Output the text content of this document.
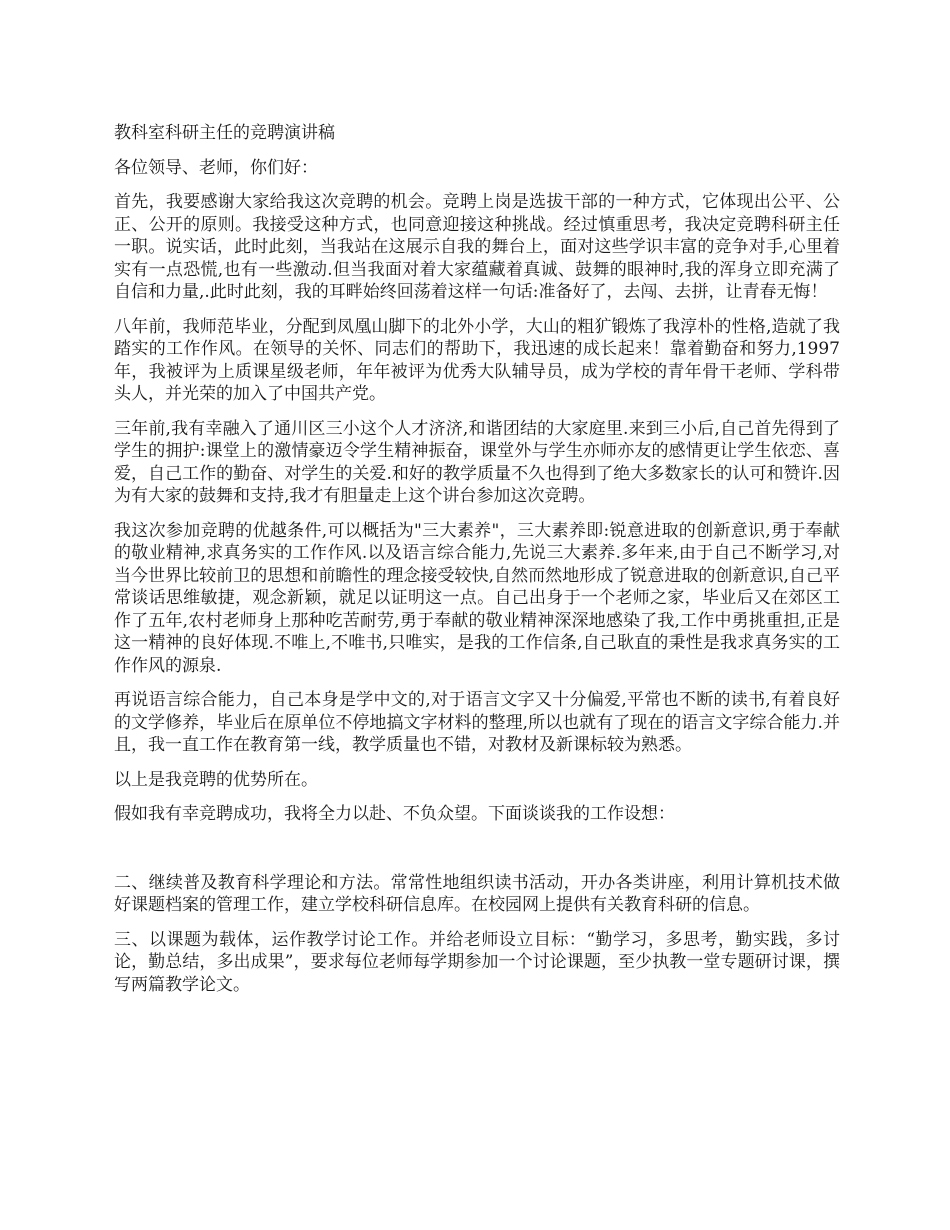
教科室科研主任的竞聘演讲稿

各位领导、老师，你们好：

首先，我要感谢大家给我这次竞聘的机会。竞聘上岗是选拔干部的一种方式，它体现出公平、公正、公开的原则。我接受这种方式，也同意迎接这种挑战。经过慎重思考，我决定竞聘科研主任一职。说实话，此时此刻，当我站在这展示自我的舞台上，面对这些学识丰富的竞争对手,心里着实有一点恐慌,也有一些激动.但当我面对着大家蕴藏着真诚、鼓舞的眼神时,我的浑身立即充满了自信和力量,.此时此刻，我的耳畔始终回荡着这样一句话:准备好了，去闯、去拼，让青春无悔！

八年前，我师范毕业，分配到凤凰山脚下的北外小学，大山的粗犷锻炼了我淳朴的性格,造就了我踏实的工作作风。在领导的关怀、同志们的帮助下，我迅速的成长起来！靠着勤奋和努力,1997 年，我被评为上质课星级老师，年年被评为优秀大队辅导员，成为学校的青年骨干老师、学科带头人，并光荣的加入了中国共产党。

三年前,我有幸融入了通川区三小这个人才济济,和谐团结的大家庭里.来到三小后,自己首先得到了学生的拥护:课堂上的激情豪迈令学生精神振奋，课堂外与学生亦师亦友的感情更让学生依恋、喜爱，自己工作的勤奋、对学生的关爱.和好的教学质量不久也得到了绝大多数家长的认可和赞许.因为有大家的鼓舞和支持,我才有胆量走上这个讲台参加这次竞聘。

我这次参加竞聘的优越条件,可以概括为"三大素养"，三大素养即:锐意进取的创新意识,勇于奉献的敬业精神,求真务实的工作作风.以及语言综合能力,先说三大素养.多年来,由于自己不断学习,对当今世界比较前卫的思想和前瞻性的理念接受较快,自然而然地形成了锐意进取的创新意识,自己平常谈话思维敏捷，观念新颖，就足以证明这一点。自己出身于一个老师之家，毕业后又在郊区工作了五年,农村老师身上那种吃苦耐劳,勇于奉献的敬业精神深深地感染了我,工作中勇挑重担,正是这一精神的良好体现.不唯上,不唯书,只唯实，是我的工作信条,自己耿直的秉性是我求真务实的工作作风的源泉.

再说语言综合能力，自己本身是学中文的,对于语言文字又十分偏爱,平常也不断的读书,有着良好的文学修养，毕业后在原单位不停地搞文字材料的整理,所以也就有了现在的语言文字综合能力.并且，我一直工作在教育第一线，教学质量也不错，对教材及新课标较为熟悉。

以上是我竞聘的优势所在。

假如我有幸竞聘成功，我将全力以赴、不负众望。下面谈谈我的工作设想：

二、继续普及教育科学理论和方法。常常性地组织读书活动，开办各类讲座，利用计算机技术做好课题档案的管理工作，建立学校科研信息库。在校园网上提供有关教育科研的信息。

三、以课题为载体，运作教学讨论工作。并给老师设立目标：“勤学习，多思考，勤实践，多讨论，勤总结，多出成果”，要求每位老师每学期参加一个讨论课题，至少执教一堂专题研讨课，撰写两篇教学论文。
